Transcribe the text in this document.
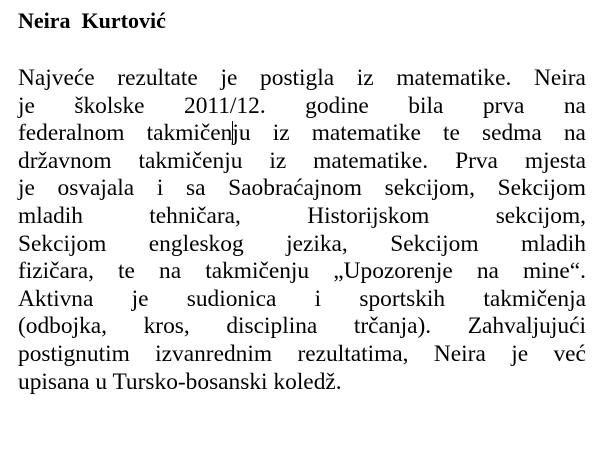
Neira  Kurtović

Najveće rezultate je postigla iz matematike. Neira
je školske 2011/12. godine bila prva na
federalnom takmičenju iz matematike te sedma na
državnom takmičenju iz matematike. Prva mjesta
je osvajala i sa Saobraćajnom sekcijom, Sekcijom
mladih	tehničara,	Historijskom	sekcijom,
Sekcijom engleskog jezika, Sekcijom mladih
fizičara, te na takmičenju „Upozorenje na mine“.
Aktivna je sudionica i sportskih takmičenja
(odbojka, kros, disciplina trčanja). Zahvaljujući
postignutim izvanrednim rezultatima, Neira je već
upisana u Tursko-bosanski koledž.
